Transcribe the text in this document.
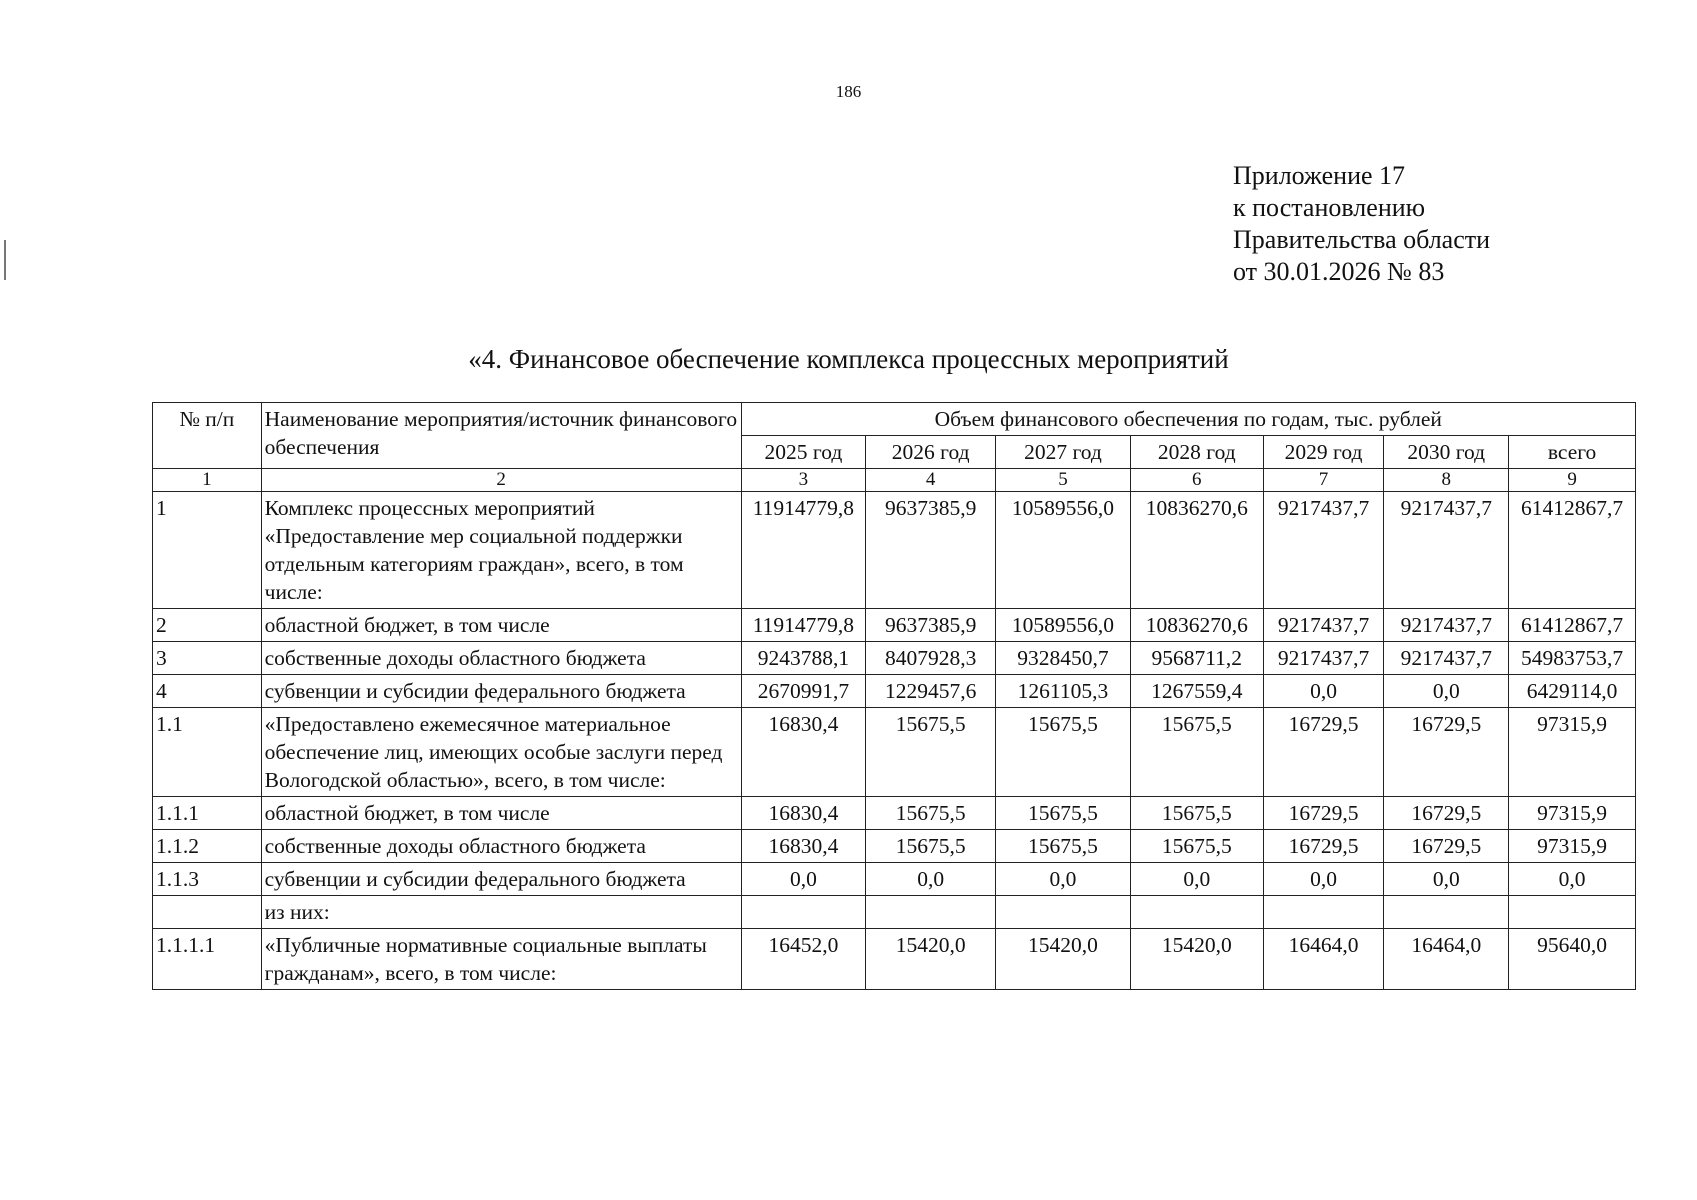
186
Приложение 17
к постановлению
Правительства области
от 30.01.2026 № 83
«4. Финансовое обеспечение комплекса процессных мероприятий
№ п/п	Наименование мероприятия/источник финансового обеспечения	Объем финансового обеспечения по годам, тыс. рублей						
		2025 год	2026 год	2027 год	2028 год	2029 год	2030 год	всего
1	2	3	4	5	6	7	8	9
1	Комплекс процессных мероприятий «Предоставление мер социальной поддержки отдельным категориям граждан», всего, в том числе:	11914779,8	9637385,9	10589556,0	10836270,6	9217437,7	9217437,7	61412867,7
2	областной бюджет, в том числе	11914779,8	9637385,9	10589556,0	10836270,6	9217437,7	9217437,7	61412867,7
3	собственные доходы областного бюджета	9243788,1	8407928,3	9328450,7	9568711,2	9217437,7	9217437,7	54983753,7
4	субвенции и субсидии федерального бюджета	2670991,7	1229457,6	1261105,3	1267559,4	0,0	0,0	6429114,0
1.1	«Предоставлено ежемесячное материальное обеспечение лиц, имеющих особые заслуги перед Вологодской областью», всего, в том числе:	16830,4	15675,5	15675,5	15675,5	16729,5	16729,5	97315,9
1.1.1	областной бюджет, в том числе	16830,4	15675,5	15675,5	15675,5	16729,5	16729,5	97315,9
1.1.2	собственные доходы областного бюджета	16830,4	15675,5	15675,5	15675,5	16729,5	16729,5	97315,9
1.1.3	субвенции и субсидии федерального бюджета	0,0	0,0	0,0	0,0	0,0	0,0	0,0
	из них:							
1.1.1.1	«Публичные нормативные социальные выплаты гражданам», всего, в том числе:	16452,0	15420,0	15420,0	15420,0	16464,0	16464,0	95640,0
